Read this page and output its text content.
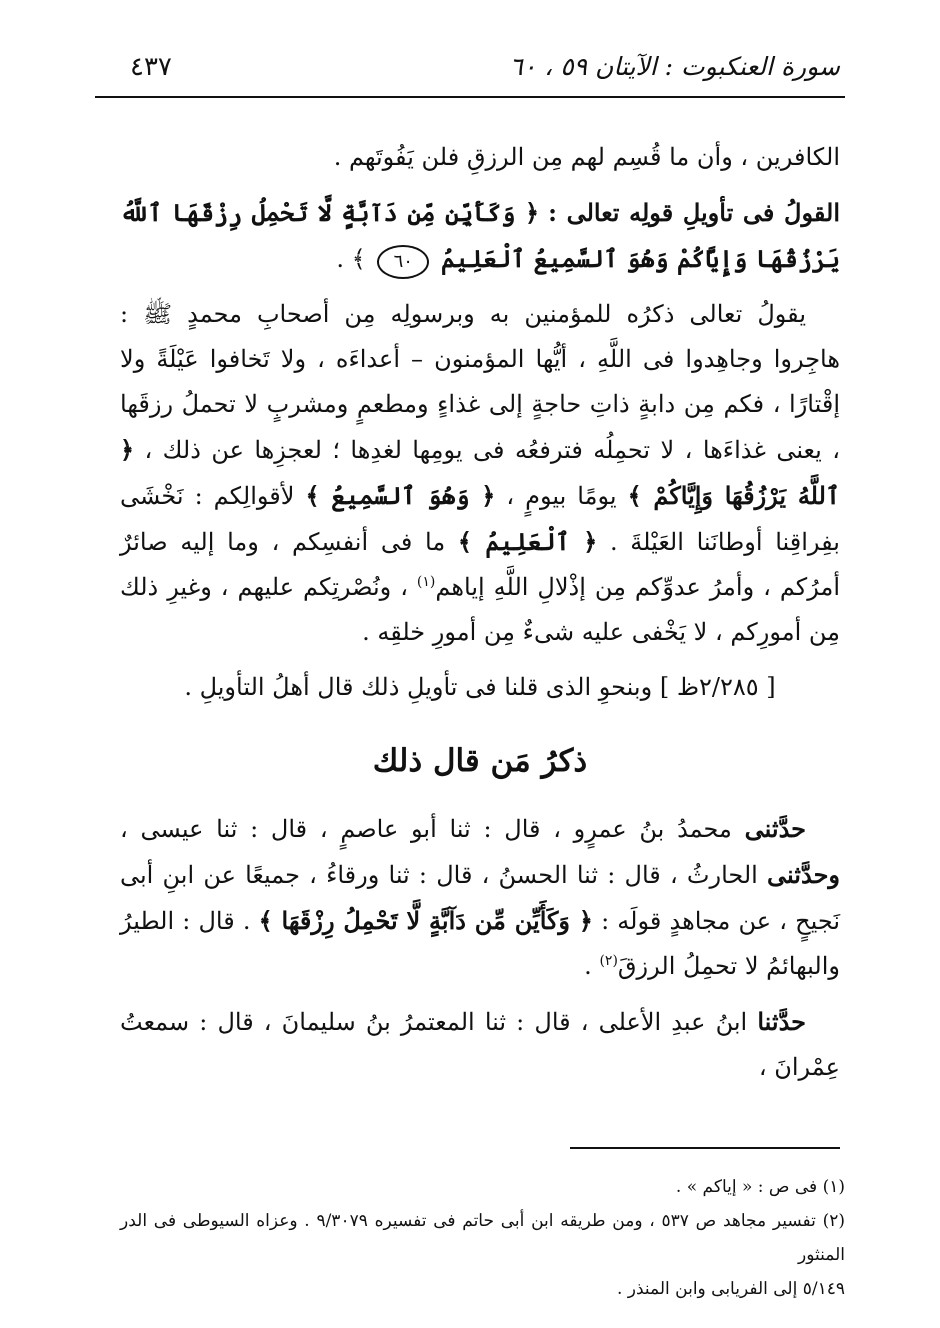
٤٣٧	سورة العنكبوت : الآيتان ٥٩ ، ٦٠

الكافرين ، وأن ما قُسِم لهم مِن الرزقِ فلن يَفُوتَهم .

القولُ فى تأويلِ قولِه تعالى : ﴿ وَكَأَيِّن مِّن دَآبَّةٍ لَّا تَحْمِلُ رِزْقَهَا ٱللَّهُ يَرْزُقُهَا وَإِيَّاكُمْ وَهُوَ ٱلسَّمِيعُ ٱلْعَلِيمُ ٦٠ ﴾ .

يقولُ تعالى ذكرُه للمؤمنين به وبرسولِه مِن أصحابِ محمدٍ ﷺ : هاجِروا وجاهِدوا فى اللَّهِ ، أيُّها المؤمنون – أعداءَه ، ولا تَخافوا عَيْلَةً ولا إقْتارًا ، فكم مِن دابةٍ ذاتِ حاجةٍ إلى غذاءٍ ومطعمٍ ومشربٍ لا تحملُ رزقَها ، يعنى غذاءَها ، لا تحمِلُه فترفعُه فى يومِها لغدِها ؛ لعجزِها عن ذلك ، ﴿ ٱللَّهُ يَرْزُقُهَا وَإِيَّاكُمْ ﴾ يومًا بيومٍ ، ﴿ وَهُوَ ٱلسَّمِيعُ ﴾ لأقوالِكم : نَخْشَى بفِراقِنا أوطانَنا العَيْلةَ . ﴿ ٱلْعَلِيمُ ﴾ ما فى أنفسِكم ، وما إليه صائرٌ أمرُكم ، وأمرُ عدوِّكم مِن إذْلالِ اللَّهِ إياهم$^{(١)}$ ، ونُصْرتِكم عليهم ، وغيرِ ذلك مِن أمورِكم ، لا يَخْفى عليه شىءٌ مِن أمورِ خلقِه .

[ ٢/٢٨٥ظ ] وبنحوِ الذى قلنا فى تأويلِ ذلك قال أهلُ التأويلِ .

ذكرُ مَن قال ذلك

حدَّثنى محمدُ بنُ عمرٍو ، قال : ثنا أبو عاصمٍ ، قال : ثنا عيسى ، وحدَّثنى الحارثُ ، قال : ثنا الحسنُ ، قال : ثنا ورقاءُ ، جميعًا عن ابنِ أبى نَجيحٍ ، عن مجاهدٍ قولَه : ﴿ وَكَأَيِّن مِّن دَآبَّةٍ لَّا تَحْمِلُ رِزْقَهَا ﴾ . قال : الطيرُ والبهائمُ لا تحمِلُ الرزقَ$^{(٢)}$ .

حدَّثنا ابنُ عبدِ الأعلى ، قال : ثنا المعتمرُ بنُ سليمانَ ، قال : سمعتُ عِمْرانَ ،

(١) فى ص : « إياكم » .

(٢) تفسير مجاهد ص ٥٣٧ ، ومن طريقه ابن أبى حاتم فى تفسيره ٩/٣٠٧٩ . وعزاه السيوطى فى الدر المنثور

٥/١٤٩ إلى الفريابى وابن المنذر .
